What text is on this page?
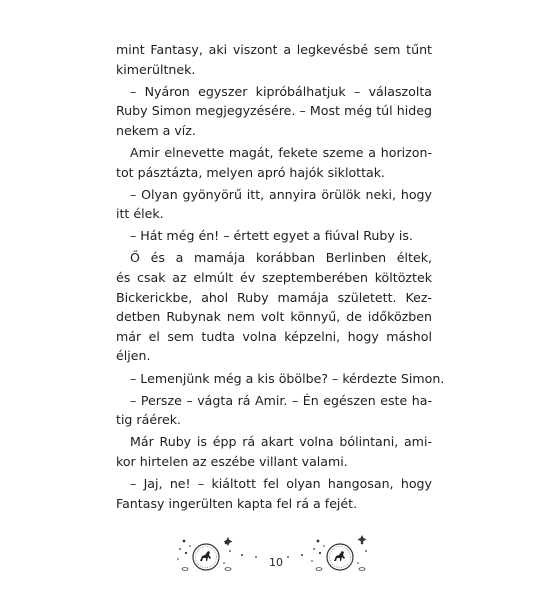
mint Fantasy, aki viszont a legkevésbé sem tűnt
kimerültnek.

– Nyáron egyszer kipróbálhatjuk – válaszolta
Ruby Simon megjegyzésére. – Most még túl hideg
nekem a víz.

Amir elnevette magát, fekete szeme a horizon-
tot pásztázta, melyen apró hajók siklottak.

– Olyan gyönyörű itt, annyira örülök neki, hogy
itt élek.

– Hát még én! – értett egyet a fiúval Ruby is.

Ő és a mamája korábban Berlinben éltek,
és csak az elmúlt év szeptemberében költöztek
Bickerickbe, ahol Ruby mamája született. Kez-
detben Rubynak nem volt könnyű, de időközben
már el sem tudta volna képzelni, hogy máshol
éljen.

– Lemenjünk még a kis öbölbe? – kérdezte Simon.

– Persze – vágta rá Amir. – Én egészen este ha-
tig ráérek.

Már Ruby is épp rá akart volna bólintani, ami-
kor hirtelen az eszébe villant valami.

– Jaj, ne! – kiáltott fel olyan hangosan, hogy
Fantasy ingerülten kapta fel rá a fejét.

10
